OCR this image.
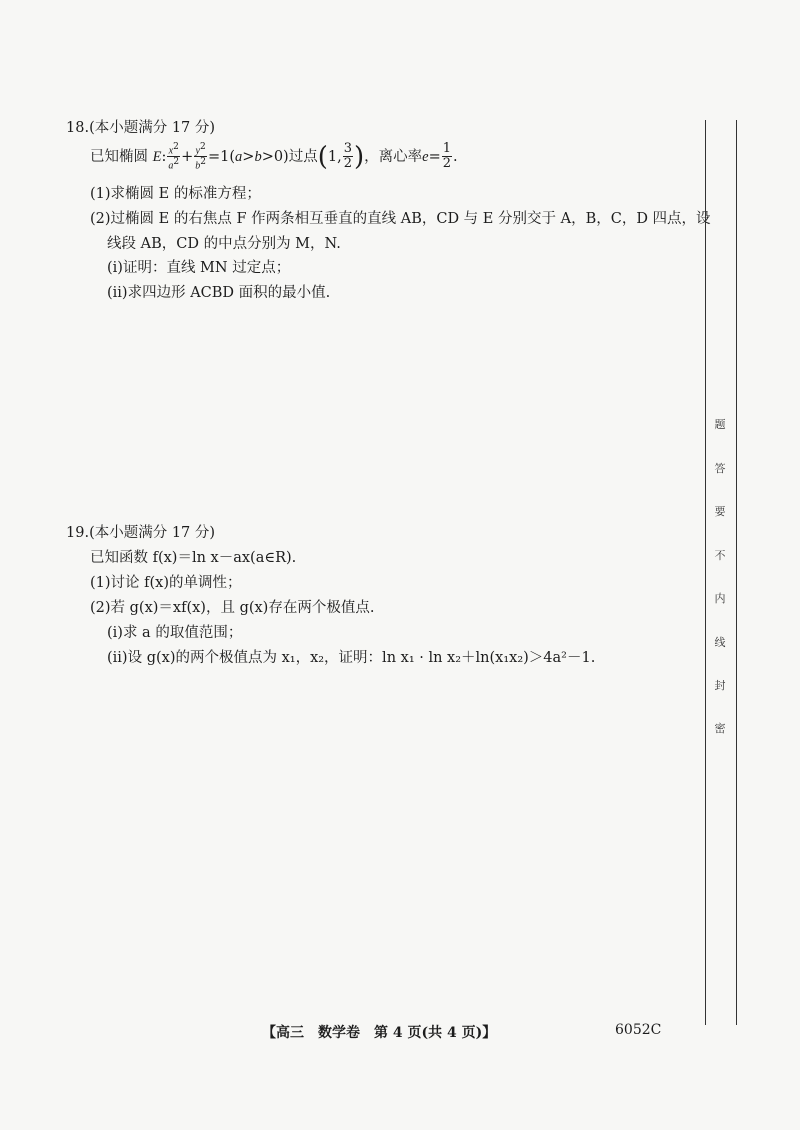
18.(本小题满分 17 分)
已知椭圆 E: $\frac{x^2}{a^2} + \frac{y^2}{b^2} =1(a>b>0)$过点(1, $\frac{3}{2}$ )，离心率$e= \frac{1}{2}$ .
(1)求椭圆 E 的标准方程；
(2)过椭圆 E 的右焦点 F 作两条相互垂直的直线 AB，CD 与 E 分别交于 A，B，C，D 四点，设
线段 AB，CD 的中点分别为 M，N.
(i)证明：直线 MN 过定点；
(ii)求四边形 ACBD 面积的最小值.
19.(本小题满分 17 分)
已知函数 f(x)＝ln x－ax(a∈R).
(1)讨论 f(x)的单调性；
(2)若 g(x)＝xf(x)，且 g(x)存在两个极值点.
(i)求 a 的取值范围；
(ii)设 g(x)的两个极值点为 x₁，x₂，证明：ln x₁ · ln x₂＋ln(x₁x₂)＞4a²－1.
题
答
要
不
内
线
封
密
【高三　数学卷　第 4 页(共 4 页)】	6052C
